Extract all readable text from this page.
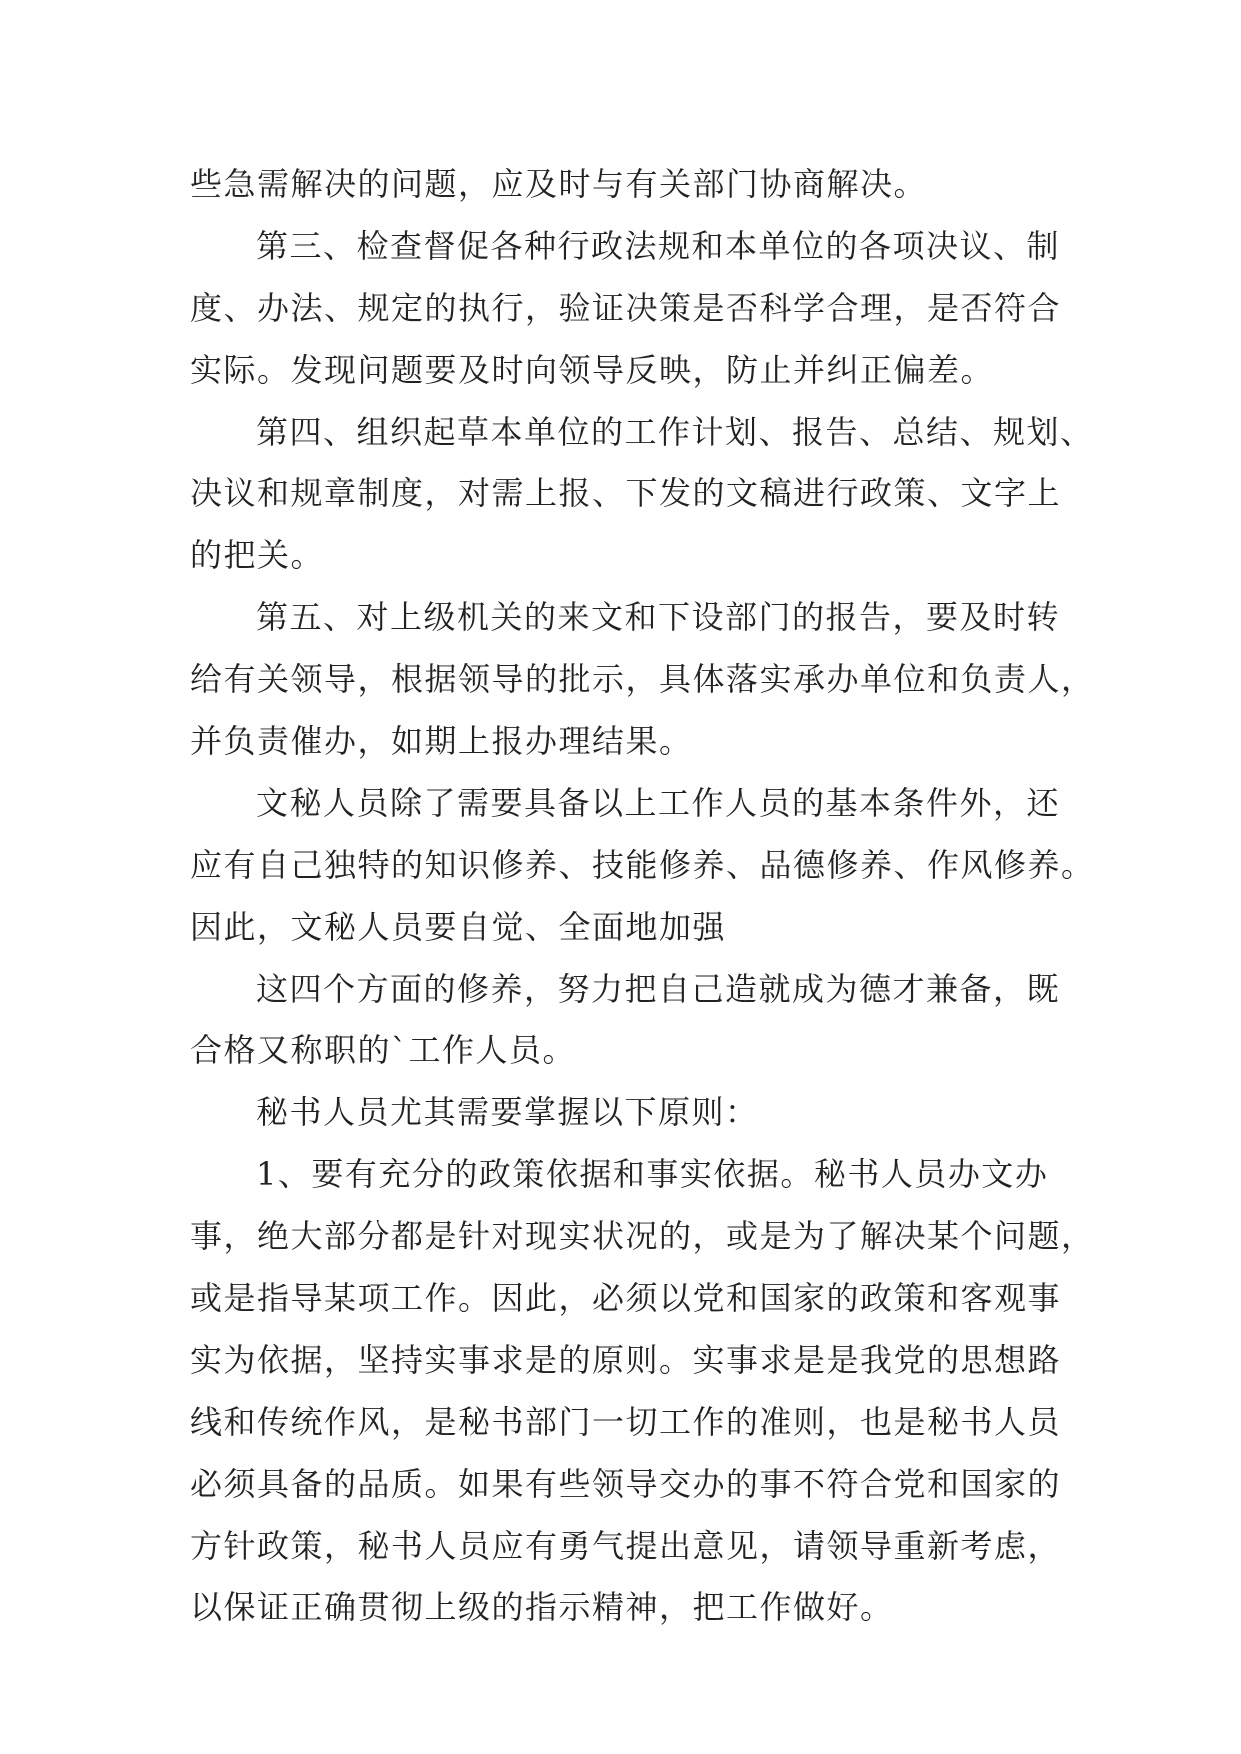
些急需解决的问题，应及时与有关部门协商解决。
第三、检查督促各种行政法规和本单位的各项决议、制
度、办法、规定的执行，验证决策是否科学合理，是否符合
实际。发现问题要及时向领导反映，防止并纠正偏差。
第四、组织起草本单位的工作计划、报告、总结、规划、
决议和规章制度，对需上报、下发的文稿进行政策、文字上
的把关。
第五、对上级机关的来文和下设部门的报告，要及时转
给有关领导，根据领导的批示，具体落实承办单位和负责人，
并负责催办，如期上报办理结果。
文秘人员除了需要具备以上工作人员的基本条件外，还
应有自己独特的知识修养、技能修养、品德修养、作风修养。
因此，文秘人员要自觉、全面地加强
这四个方面的修养，努力把自己造就成为德才兼备，既
合格又称职的`工作人员。
秘书人员尤其需要掌握以下原则：
1、要有充分的政策依据和事实依据。秘书人员办文办
事，绝大部分都是针对现实状况的，或是为了解决某个问题，
或是指导某项工作。因此，必须以党和国家的政策和客观事
实为依据，坚持实事求是的原则。实事求是是我党的思想路
线和传统作风，是秘书部门一切工作的准则，也是秘书人员
必须具备的品质。如果有些领导交办的事不符合党和国家的
方针政策，秘书人员应有勇气提出意见，请领导重新考虑，
以保证正确贯彻上级的指示精神，把工作做好。
